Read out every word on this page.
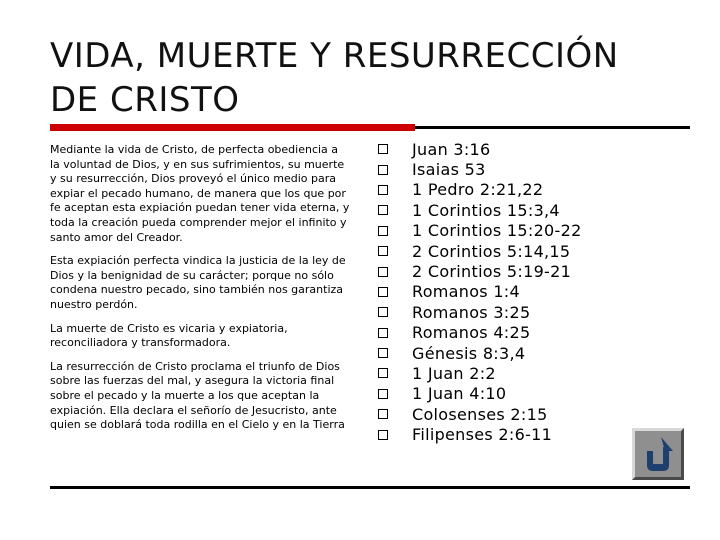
VIDA, MUERTE Y RESURRECCIÓN
DE CRISTO

Mediante la vida de Cristo, de perfecta obediencia a la voluntad de Dios, y en sus sufrimientos, su muerte y su resurrección, Dios proveyó el único medio para expiar el pecado humano, de manera que los que por fe aceptan esta expiación puedan tener vida eterna, y toda la creación pueda comprender mejor el infinito y santo amor del Creador.

Esta expiación perfecta vindica la justicia de la ley de Dios y la benignidad de su carácter; porque no sólo condena nuestro pecado, sino también nos garantiza nuestro perdón.

La muerte de Cristo es vicaria y expiatoria, reconciliadora y transformadora.

La resurrección de Cristo proclama el triunfo de Dios sobre las fuerzas del mal, y asegura la victoria final sobre el pecado y la muerte a los que aceptan la expiación. Ella declara el señorío de Jesucristo, ante quien se doblará toda rodilla en el Cielo y en la Tierra

Juan 3:16
Isaias 53
1 Pedro 2:21,22
1 Corintios 15:3,4
1 Corintios 15:20-22
2 Corintios 5:14,15
2 Corintios 5:19-21
Romanos 1:4
Romanos 3:25
Romanos 4:25
Génesis 8:3,4
1 Juan 2:2
1 Juan 4:10
Colosenses 2:15
Filipenses 2:6-11
